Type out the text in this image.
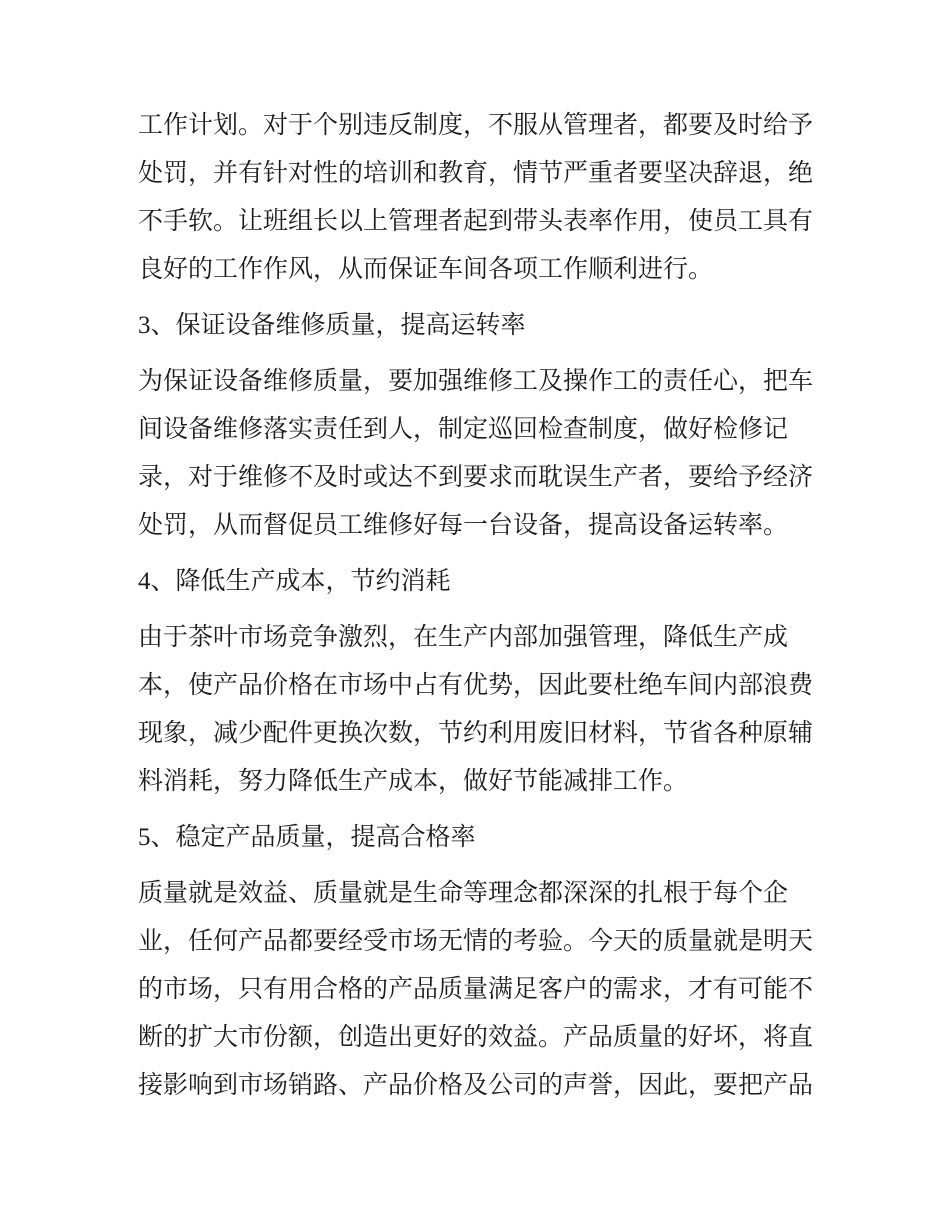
工作计划。对于个别违反制度，不服从管理者，都要及时给予
处罚，并有针对性的培训和教育，情节严重者要坚决辞退，绝
不手软。让班组长以上管理者起到带头表率作用，使员工具有
良好的工作作风，从而保证车间各项工作顺利进行。
3、保证设备维修质量，提高运转率
为保证设备维修质量，要加强维修工及操作工的责任心，把车
间设备维修落实责任到人，制定巡回检查制度，做好检修记
录，对于维修不及时或达不到要求而耽误生产者，要给予经济
处罚，从而督促员工维修好每一台设备，提高设备运转率。
4、降低生产成本，节约消耗
由于茶叶市场竞争激烈，在生产内部加强管理，降低生产成
本，使产品价格在市场中占有优势，因此要杜绝车间内部浪费
现象，减少配件更换次数，节约利用废旧材料，节省各种原辅
料消耗，努力降低生产成本，做好节能减排工作。
5、稳定产品质量，提高合格率
质量就是效益、质量就是生命等理念都深深的扎根于每个企
业，任何产品都要经受市场无情的考验。今天的质量就是明天
的市场，只有用合格的产品质量满足客户的需求，才有可能不
断的扩大市份额，创造出更好的效益。产品质量的好坏，将直
接影响到市场销路、产品价格及公司的声誉，因此，要把产品
